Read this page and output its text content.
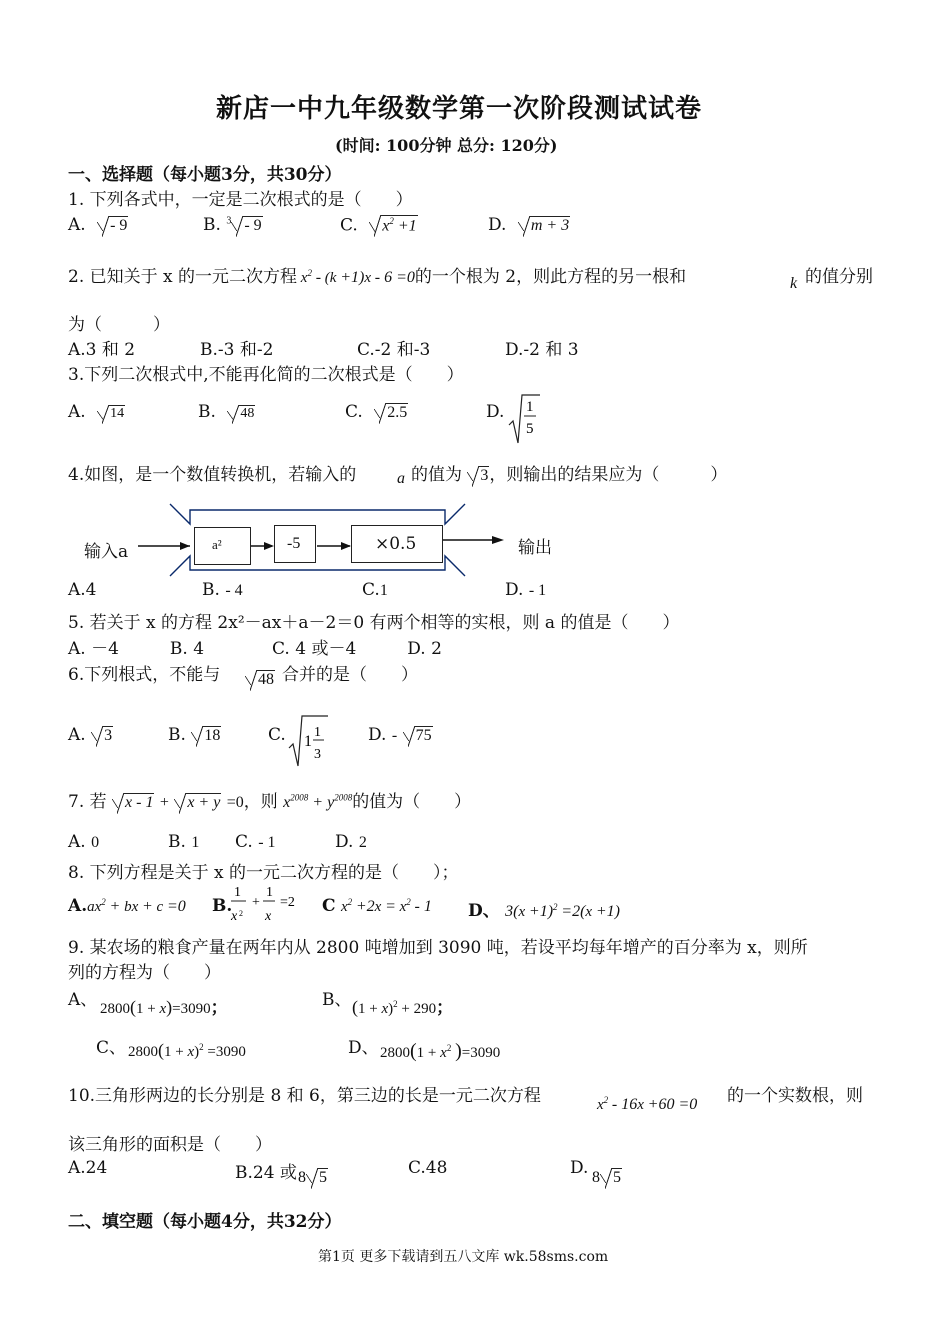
新店一中九年级数学第一次阶段测试试卷
(时间: 100分钟 总分: 120分)
一、选择题（每小题3分，共30分）
1. 下列各式中，一定是二次根式的是（　　）
A. - 9	B. $^3$ - 9	C. $x^2 +1$	D. m + 3
2. 已知关于 x 的一元二次方程 $x^2 - (k +1)x - 6 =0$的一个根为 2，则此方程的另一根和	k 的值分别
为（　　　）
A.3 和 2	B.-3 和-2	C.-2 和-3	D.-2 和 3
3.下列二次根式中,不能再化简的二次根式是（　　）
A. 14	B. 48	C. 2.5	D. 1
5
4.如图，是一个数值转换机，若输入的	a 的值为 3，则输出的结果应为（　　　）
输入a	a²	-5	×0.5	输出
A.4	B. - 4	C.1	D. - 1
5. 若关于 x 的方程 2x²－ax＋a－2＝0 有两个相等的实根，则 a 的值是（　　）
A. －4　　　B. 4　　　　C. 4 或－4　　　D. 2
6.下列根式，不能与	48 合并的是（　　）
A. 3	B. 18	C. 1
1
3
D. - 75
7. 若 x - 1 + x + y =0，则 $x^{2008} + y^{2008}$的值为（　　）
A. 0	B. 1 C. - 1	D. 2
8. 下列方程是关于 x 的一元二次方程的是（　　）；
$A.ax^2$ + bx + c =0 B.
1
x 2
+
1
x
=2 C $x^2 +2x = x^2 - 1$ D、 $3(x +1)^2 =2(x +1)$
9. 某农场的粮食产量在两年内从 2800 吨增加到 3090 吨，若设平均每年增产的百分率为 x，则所
列的方程为（　　）
A、 2800(1 + x)=3090；	B、 $(1 + x)^2 + 290$；
C、 $2800(1 + x)^2 =3090$	D、 $2800(1 + x^2$ )=3090
10.三角形两边的长分别是 8 和 6，第三边的长是一元二次方程	$x^2 - 16x +60 =0$ 的一个实数根，则
该三角形的面积是（　　）
A.24	B.24 或 8 5	C.48	D. 8 5
二、填空题（每小题4分，共32分）
第1页 更多下载请到五八文库 wk.58sms.com
